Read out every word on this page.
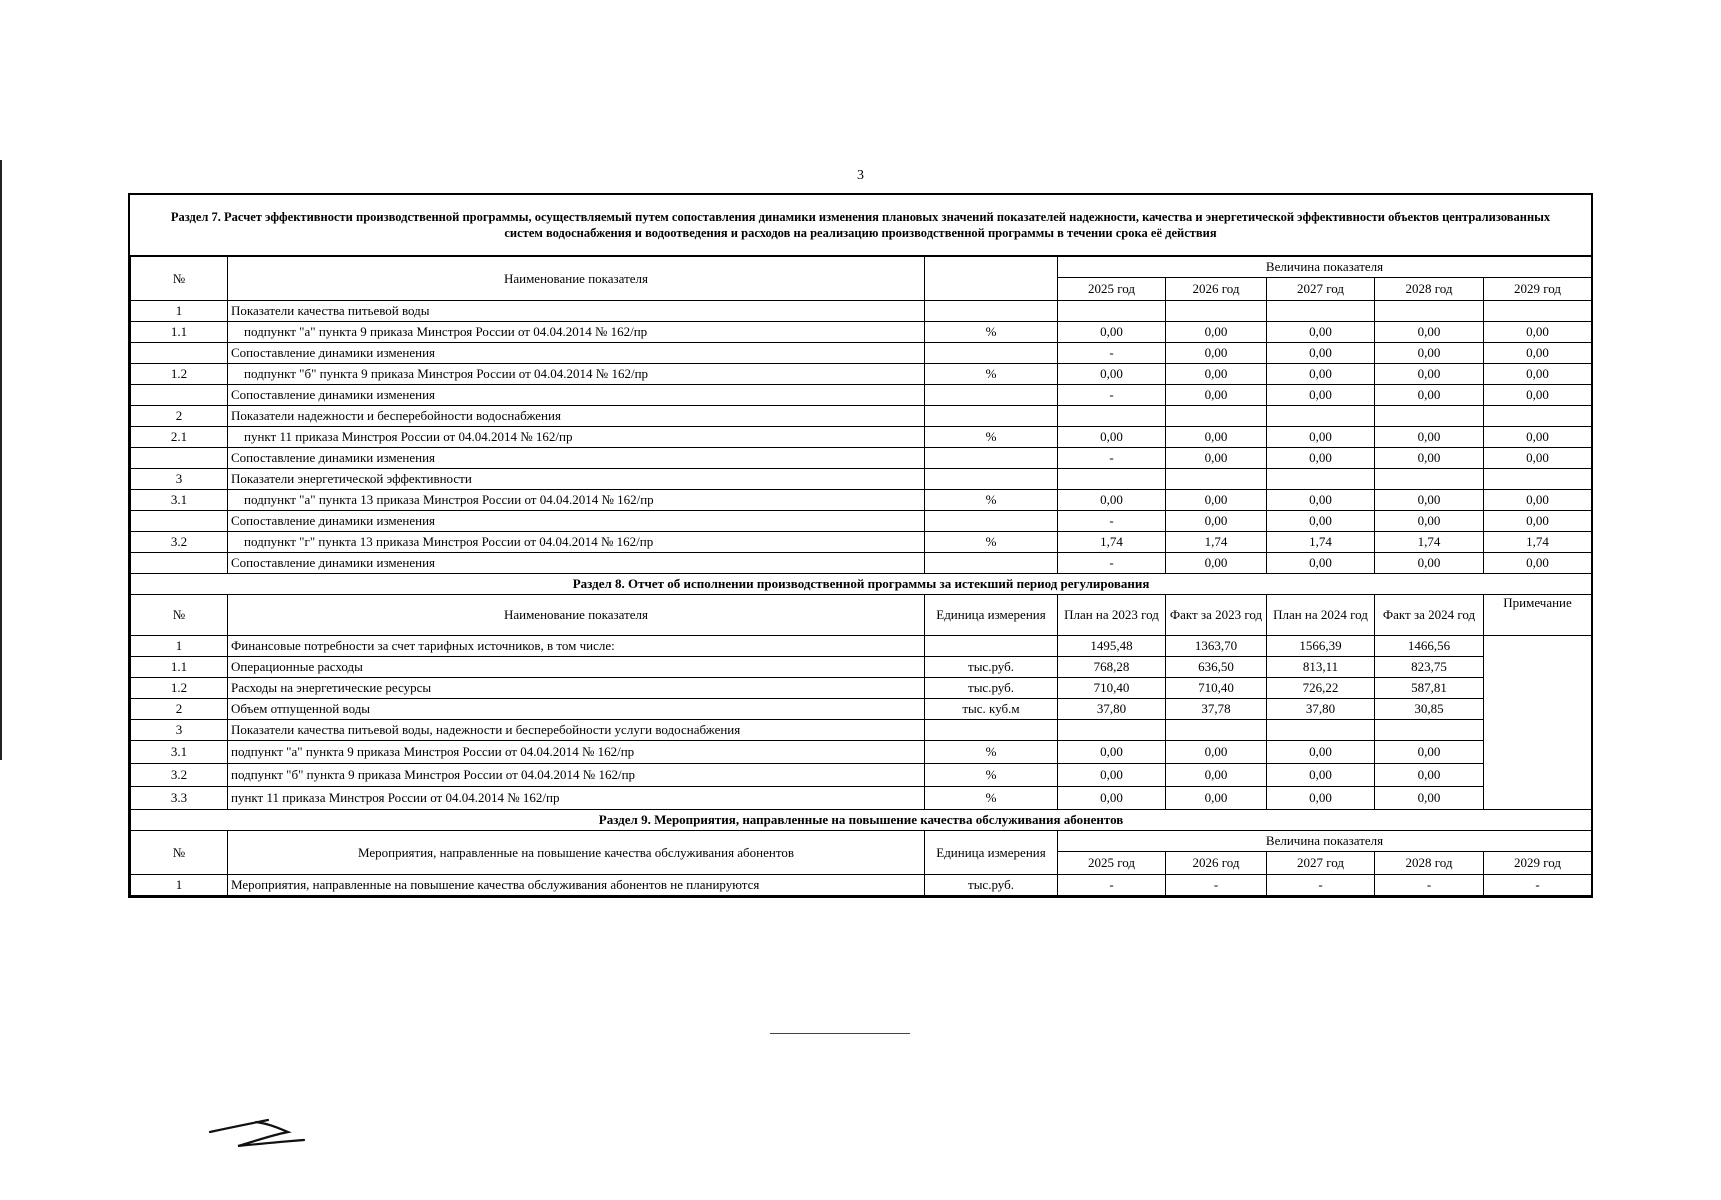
3
Раздел 7. Расчет эффективности производственной программы, осуществляемый путем сопоставления динамики изменения плановых значений показателей надежности, качества и энергетической эффективности объектов централизованных систем водоснабжения и водоотведения и расходов на реализацию производственной программы в течении срока её действия
№	Наименование показателя		Величина показателя				
			2025 год	2026 год	2027 год	2028 год	2029 год
1	Показатели качества питьевой воды						
1.1	подпункт "а" пункта 9 приказа Минстроя России от 04.04.2014 № 162/пр	%	0,00	0,00	0,00	0,00	0,00
	Сопоставление динамики изменения		-	0,00	0,00	0,00	0,00
1.2	подпункт "б" пункта 9 приказа Минстроя России от 04.04.2014 № 162/пр	%	0,00	0,00	0,00	0,00	0,00
	Сопоставление динамики изменения		-	0,00	0,00	0,00	0,00
2	Показатели надежности и бесперебойности водоснабжения						
2.1	пункт 11 приказа Минстроя России от 04.04.2014 № 162/пр	%	0,00	0,00	0,00	0,00	0,00
	Сопоставление динамики изменения		-	0,00	0,00	0,00	0,00
3	Показатели энергетической эффективности						
3.1	подпункт "а" пункта 13 приказа Минстроя России от 04.04.2014 № 162/пр	%	0,00	0,00	0,00	0,00	0,00
	Сопоставление динамики изменения		-	0,00	0,00	0,00	0,00
3.2	подпункт "г" пункта 13 приказа Минстроя России от 04.04.2014 № 162/пр	%	1,74	1,74	1,74	1,74	1,74
	Сопоставление динамики изменения		-	0,00	0,00	0,00	0,00
Раздел 8. Отчет об исполнении производственной программы за истекший период регулирования							
№	Наименование показателя	Единица измерения	План на 2023 год	Факт за 2023 год	План на 2024 год	Факт за 2024 год	Примечание
1	Финансовые потребности за счет тарифных источников, в том числе:		1495,48	1363,70	1566,39	1466,56	
1.1	Операционные расходы	тыс.руб.	768,28	636,50	813,11	823,75	
1.2	Расходы на энергетические ресурсы	тыс.руб.	710,40	710,40	726,22	587,81	
2	Объем отпущенной воды	тыс. куб.м	37,80	37,78	37,80	30,85	
3	Показатели качества питьевой воды, надежности и бесперебойности услуги водоснабжения						
3.1	подпункт "а" пункта 9 приказа Минстроя России от 04.04.2014 № 162/пр	%	0,00	0,00	0,00	0,00	
3.2	подпункт "б" пункта 9 приказа Минстроя России от 04.04.2014 № 162/пр	%	0,00	0,00	0,00	0,00	
3.3	пункт 11 приказа Минстроя России от 04.04.2014 № 162/пр	%	0,00	0,00	0,00	0,00	
Раздел 9. Мероприятия, направленные на повышение качества обслуживания абонентов							
№	Мероприятия, направленные на повышение качества обслуживания абонентов	Единица измерения	Величина показателя				
			2025 год	2026 год	2027 год	2028 год	2029 год
1	Мероприятия, направленные на повышение качества обслуживания абонентов не планируются	тыс.руб.	-	-	-	-	-
